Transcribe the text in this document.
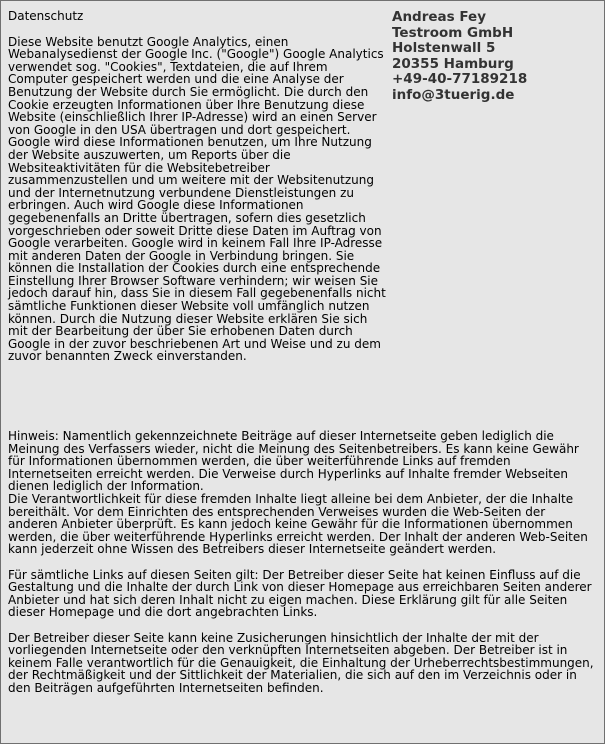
Datenschutz

Diese Website benutzt Google Analytics, einen Webanalysedienst der Google Inc. ("Google") Google Analytics verwendet sog. "Cookies", Textdateien, die auf Ihrem Computer gespeichert werden und die eine Analyse der Benutzung der Website durch Sie ermöglicht. Die durch den Cookie erzeugten Informationen über Ihre Benutzung diese Website (einschließlich Ihrer IP-Adresse) wird an einen Server von Google in den USA übertragen und dort gespeichert. Google wird diese Informationen benutzen, um Ihre Nutzung der Website auszuwerten, um Reports über die Websiteaktivitäten für die Websitebetreiber zusammenzustellen und um weitere mit der Websitenutzung und der Internetnutzung verbundene Dienstleistungen zu erbringen. Auch wird Google diese Informationen gegebenenfalls an Dritte übertragen, sofern dies gesetzlich vorgeschrieben oder soweit Dritte diese Daten im Auftrag von Google verarbeiten. Google wird in keinem Fall Ihre IP-Adresse mit anderen Daten der Google in Verbindung bringen. Sie können die Installation der Cookies durch eine entsprechende Einstellung Ihrer Browser Software verhindern; wir weisen Sie jedoch darauf hin, dass Sie in diesem Fall gegebenenfalls nicht sämtliche Funktionen dieser Website voll umfänglich nutzen können. Durch die Nutzung dieser Website erklären Sie sich mit der Bearbeitung der über Sie erhobenen Daten durch Google in der zuvor beschriebenen Art und Weise und zu dem zuvor benannten Zweck einverstanden.

Andreas Fey
Testroom GmbH
Holstenwall 5
20355 Hamburg
+49-40-77189218
info@3tuerig.de

Hinweis: Namentlich gekennzeichnete Beiträge auf dieser Internetseite geben lediglich die Meinung des Verfassers wieder, nicht die Meinung des Seitenbetreibers. Es kann keine Gewähr für Informationen übernommen werden, die über weiterführende Links auf fremden Internetseiten erreicht werden. Die Verweise durch Hyperlinks auf Inhalte fremder Webseiten dienen lediglich der Information.

Die Verantwortlichkeit für diese fremden Inhalte liegt alleine bei dem Anbieter, der die Inhalte bereithält. Vor dem Einrichten des entsprechenden Verweises wurden die Web-Seiten der anderen Anbieter überprüft. Es kann jedoch keine Gewähr für die Informationen übernommen werden, die über weiterführende Hyperlinks erreicht werden. Der Inhalt der anderen Web-Seiten kann jederzeit ohne Wissen des Betreibers dieser Internetseite geändert werden.

Für sämtliche Links auf diesen Seiten gilt: Der Betreiber dieser Seite hat keinen Einfluss auf die Gestaltung und die Inhalte der durch Link von dieser Homepage aus erreichbaren Seiten anderer Anbieter und hat sich deren Inhalt nicht zu eigen machen. Diese Erklärung gilt für alle Seiten dieser Homepage und die dort angebrachten Links.

Der Betreiber dieser Seite kann keine Zusicherungen hinsichtlich der Inhalte der mit der vorliegenden Internetseite oder den verknüpften Internetseiten abgeben. Der Betreiber ist in keinem Falle verantwortlich für die Genauigkeit, die Einhaltung der Urheberrechtsbestimmungen, der Rechtmäßigkeit und der Sittlichkeit der Materialien, die sich auf den im Verzeichnis oder in den Beiträgen aufgeführten Internetseiten befinden.
